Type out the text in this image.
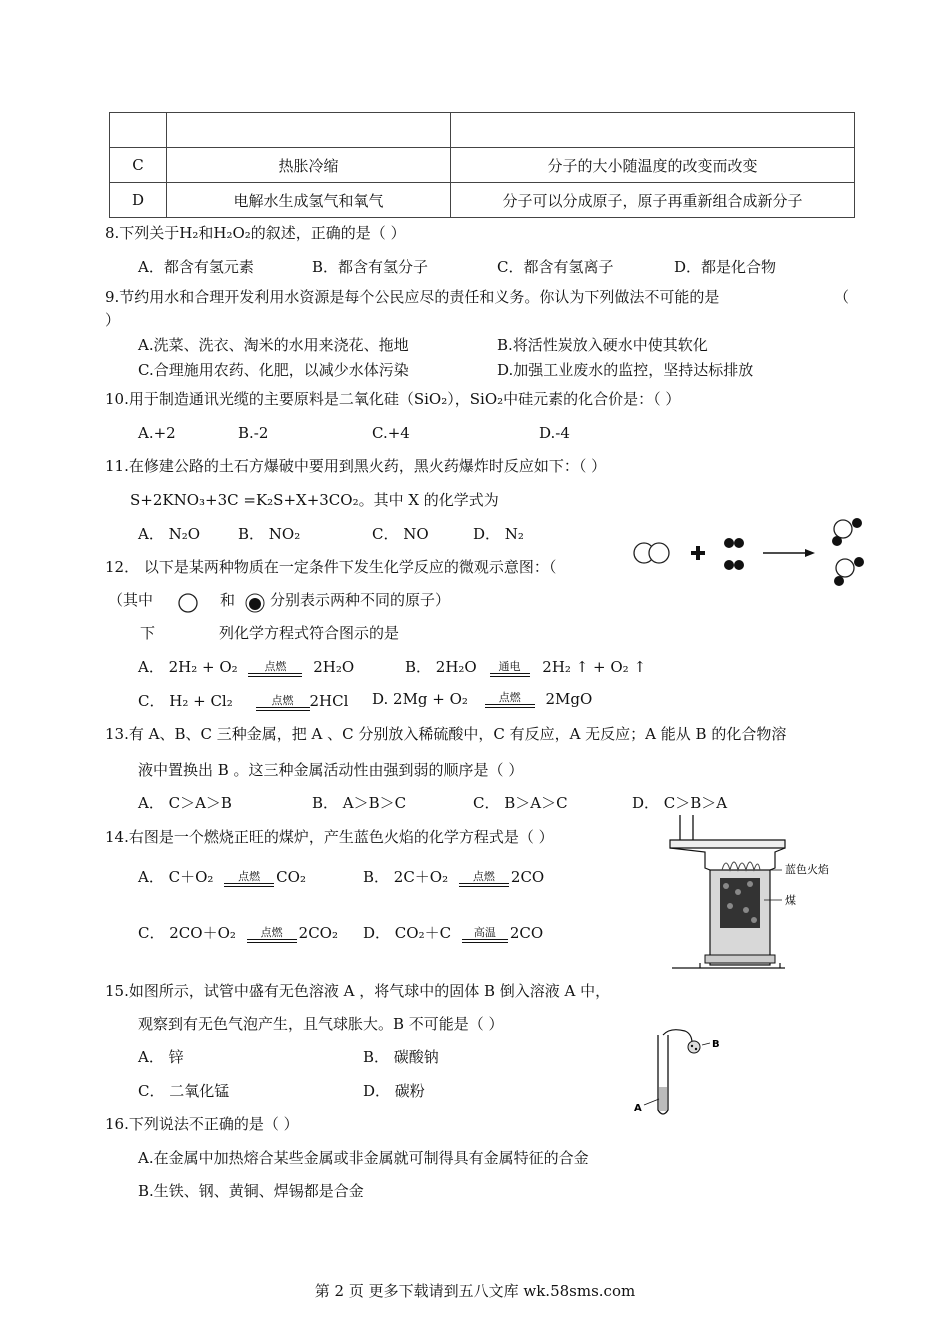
C	热胀冷缩	分子的大小随温度的改变而改变
D	电解水生成氢气和氧气	分子可以分成原子，原子再重新组合成新分子
8.下列关于H₂和H₂O₂的叙述，正确的是（ ）
A．都含有氢元素	B．都含有氢分子	C．都含有氢离子	D．都是化合物
9.节约用水和合理开发利用水资源是每个公民应尽的责任和义务。你认为下列做法不可能的是	（
）
A.洗菜、洗衣、淘米的水用来浇花、拖地	B.将活性炭放入硬水中使其软化
C.合理施用农药、化肥，以减少水体污染	D.加强工业废水的监控，坚持达标排放
10.用于制造通讯光缆的主要原料是二氧化硅（SiO₂），SiO₂中硅元素的化合价是：（ ）
A.+2	B.-2	C.+4	D.-4
11.在修建公路的土石方爆破中要用到黑火药，黑火药爆炸时反应如下：（ ）
S+2KNO₃+3C =K₂S+X+3CO₂。其中 X 的化学式为
A． N₂O	B． NO₂	C． NO	D． N₂
12． 以下是某两种物质在一定条件下发生化学反应的微观示意图：（
（其中	和 分别表示两种不同的原子）
下	列化学方程式符合图示的是
A． 2H₂ + O₂	点燃	2H₂O	B． 2H₂O	通电	2H₂ ↑ + O₂ ↑
C． H₂ + Cl₂	点燃	2HCl D. 2Mg + O₂	点燃	2MgO
13.有 A、B、C 三种金属，把 A 、C 分别放入稀硫酸中，C 有反应，A 无反应；A 能从 B 的化合物溶
液中置换出 B 。这三种金属活动性由强到弱的顺序是（ ）
A． C＞A＞B	B． A＞B＞C	C． B＞A＞C	D． C＞B＞A
14.右图是一个燃烧正旺的煤炉，产生蓝色火焰的化学方程式是（ ）
A． C＋O₂	点燃	CO₂	B． 2C＋O₂	点燃	2CO
C． 2CO＋O₂	点燃	2CO₂ D． CO₂＋C	高温 2CO
蓝色火焰
煤
15.如图所示，试管中盛有无色溶液 A ，将气球中的固体 B 倒入溶液 A 中，
观察到有无色气泡产生，且气球胀大。B 不可能是（ ）
A． 锌	B． 碳酸钠
C． 二氧化锰	D． 碳粉
B
A
16.下列说法不正确的是（ ）
A.在金属中加热熔合某些金属或非金属就可制得具有金属特征的合金
B.生铁、钢、黄铜、焊锡都是合金
第 2 页 更多下载请到五八文库 wk.58sms.com
